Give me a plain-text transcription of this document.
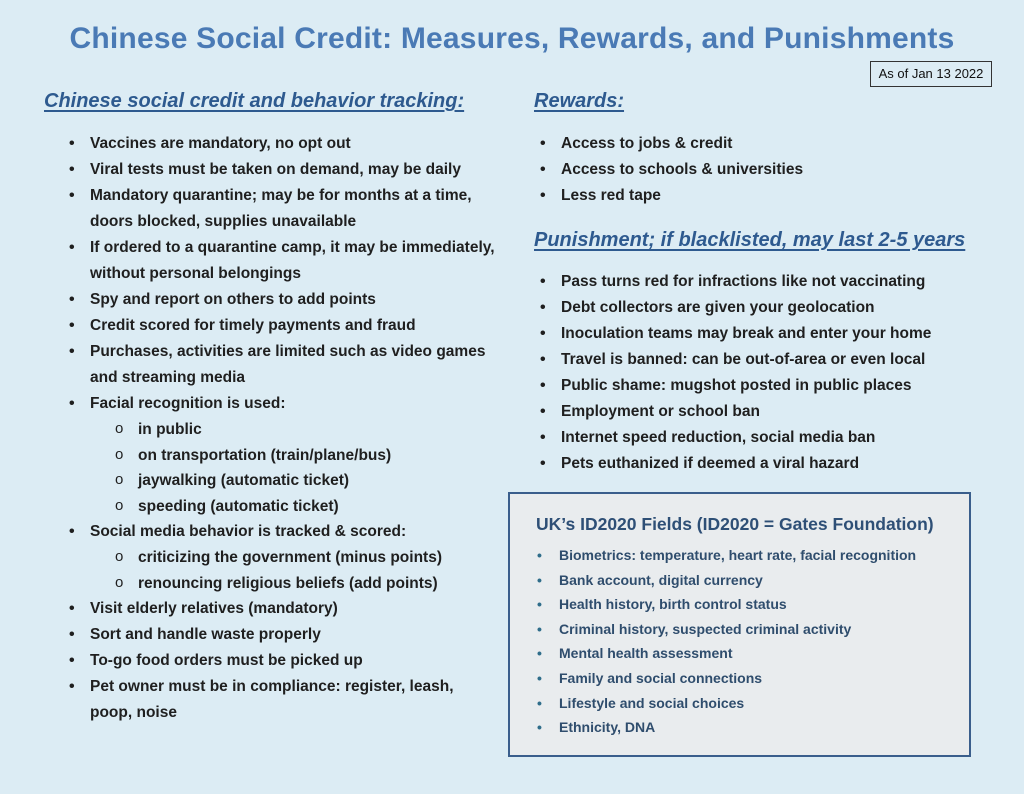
Chinese Social Credit: Measures, Rewards, and Punishments
As of Jan 13 2022
Chinese social credit and behavior tracking:
• Vaccines are mandatory, no opt out
• Viral tests must be taken on demand, may be daily
• Mandatory quarantine; may be for months at a time, doors blocked, supplies unavailable
• If ordered to a quarantine camp, it may be immediately, without personal belongings
• Spy and report on others to add points
• Credit scored for timely payments and fraud
• Purchases, activities are limited such as video games and streaming media
• Facial recognition is used:
o in public
o on transportation (train/plane/bus)
o jaywalking (automatic ticket)
o speeding (automatic ticket)
• Social media behavior is tracked & scored:
o criticizing the government (minus points)
o renouncing religious beliefs (add points)
• Visit elderly relatives (mandatory)
• Sort and handle waste properly
• To-go food orders must be picked up
• Pet owner must be in compliance: register, leash, poop, noise
Rewards:
• Access to jobs & credit
• Access to schools & universities
• Less red tape
Punishment; if blacklisted, may last 2-5 years
• Pass turns red for infractions like not vaccinating
• Debt collectors are given your geolocation
• Inoculation teams may break and enter your home
• Travel is banned: can be out-of-area or even local
• Public shame: mugshot posted in public places
• Employment or school ban
• Internet speed reduction, social media ban
• Pets euthanized if deemed a viral hazard
UK’s ID2020 Fields (ID2020 = Gates Foundation)
• Biometrics: temperature, heart rate, facial recognition
• Bank account, digital currency
• Health history, birth control status
• Criminal history, suspected criminal activity
• Mental health assessment
• Family and social connections
• Lifestyle and social choices
• Ethnicity, DNA
